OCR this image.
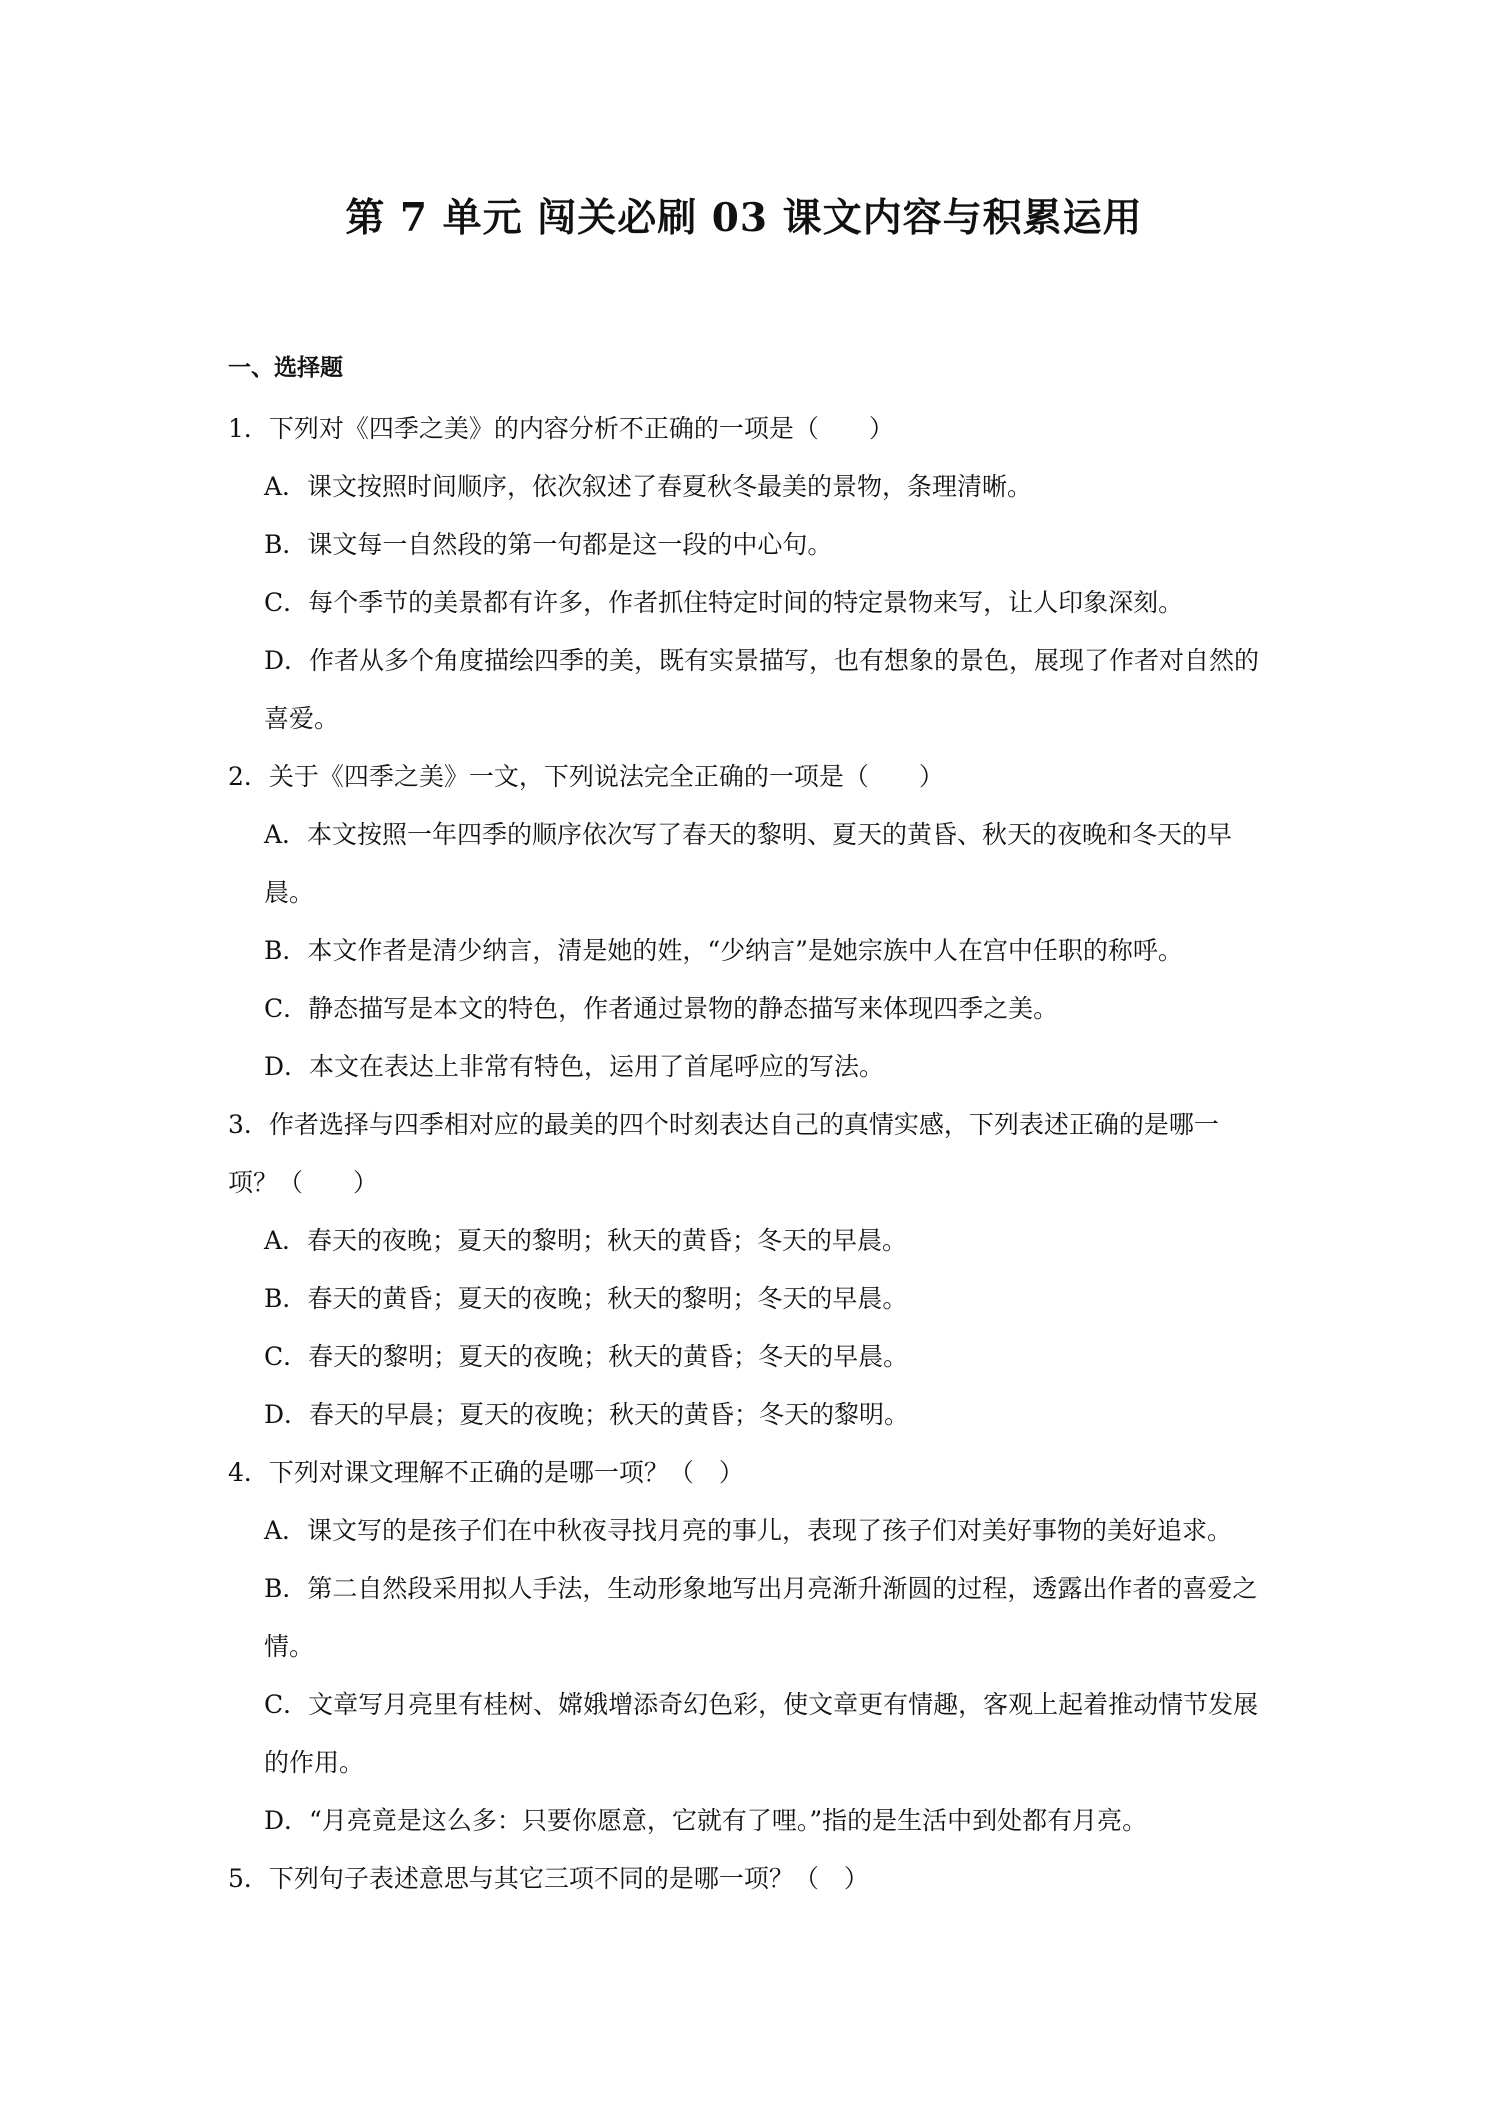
第 7 单元 闯关必刷 03 课文内容与积累运用
一、选择题

1．下列对《四季之美》的内容分析不正确的一项是（　　）

A．课文按照时间顺序，依次叙述了春夏秋冬最美的景物，条理清晰。

B．课文每一自然段的第一句都是这一段的中心句。

C．每个季节的美景都有许多，作者抓住特定时间的特定景物来写，让人印象深刻。

D．作者从多个角度描绘四季的美，既有实景描写，也有想象的景色，展现了作者对自然的喜爱。

2．关于《四季之美》一文，下列说法完全正确的一项是（　　）

A．本文按照一年四季的顺序依次写了春天的黎明、夏天的黄昏、秋天的夜晚和冬天的早晨。

B．本文作者是清少纳言，清是她的姓，“少纳言”是她宗族中人在宫中任职的称呼。

C．静态描写是本文的特色，作者通过景物的静态描写来体现四季之美。

D．本文在表达上非常有特色，运用了首尾呼应的写法。

3．作者选择与四季相对应的最美的四个时刻表达自己的真情实感，下列表述正确的是哪一项？（　　）

A．春天的夜晚；夏天的黎明；秋天的黄昏；冬天的早晨。

B．春天的黄昏；夏天的夜晚；秋天的黎明；冬天的早晨。

C．春天的黎明；夏天的夜晚；秋天的黄昏；冬天的早晨。

D．春天的早晨；夏天的夜晚；秋天的黄昏；冬天的黎明。

4．下列对课文理解不正确的是哪一项？（　）

A．课文写的是孩子们在中秋夜寻找月亮的事儿，表现了孩子们对美好事物的美好追求。

B．第二自然段采用拟人手法，生动形象地写出月亮渐升渐圆的过程，透露出作者的喜爱之情。

C．文章写月亮里有桂树、嫦娥增添奇幻色彩，使文章更有情趣，客观上起着推动情节发展的作用。

D．“月亮竟是这么多：只要你愿意，它就有了哩。”指的是生活中到处都有月亮。

5．下列句子表述意思与其它三项不同的是哪一项？（　）
